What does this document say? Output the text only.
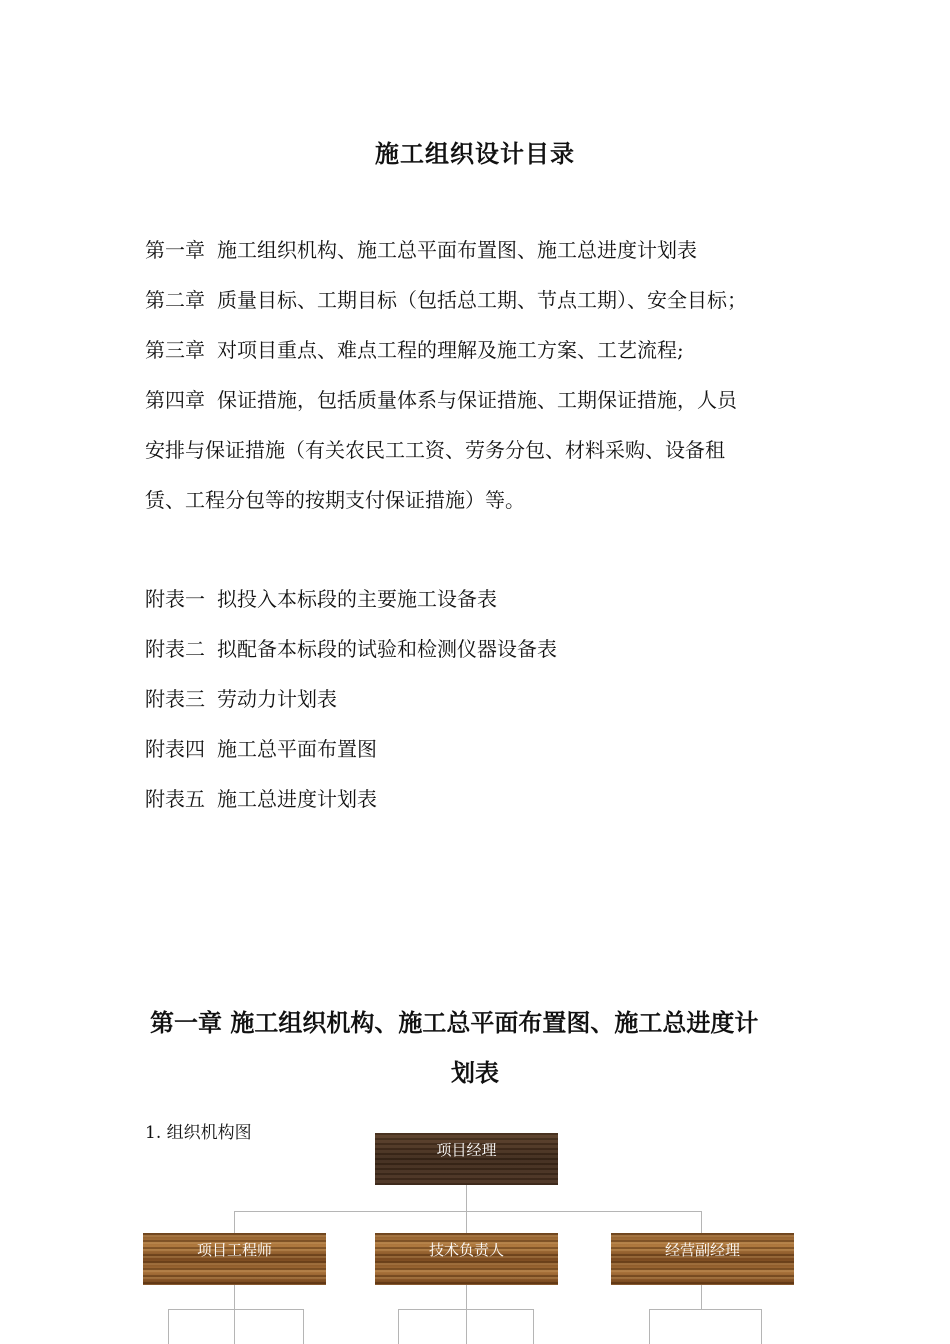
施工组织设计目录
第一章 施工组织机构、施工总平面布置图、施工总进度计划表
第二章 质量目标、工期目标（包括总工期、节点工期）、安全目标；
第三章 对项目重点、难点工程的理解及施工方案、工艺流程;
第四章 保证措施，包括质量体系与保证措施、工期保证措施，人员
安排与保证措施（有关农民工工资、劳务分包、材料采购、设备租
赁、工程分包等的按期支付保证措施）等。
附表一 拟投入本标段的主要施工设备表
附表二 拟配备本标段的试验和检测仪器设备表
附表三 劳动力计划表
附表四 施工总平面布置图
附表五 施工总进度计划表
第一章 施工组织机构、施工总平面布置图、施工总进度计
划表
1. 组织机构图
项目经理
项目工程师	技术负责人	经营副经理
